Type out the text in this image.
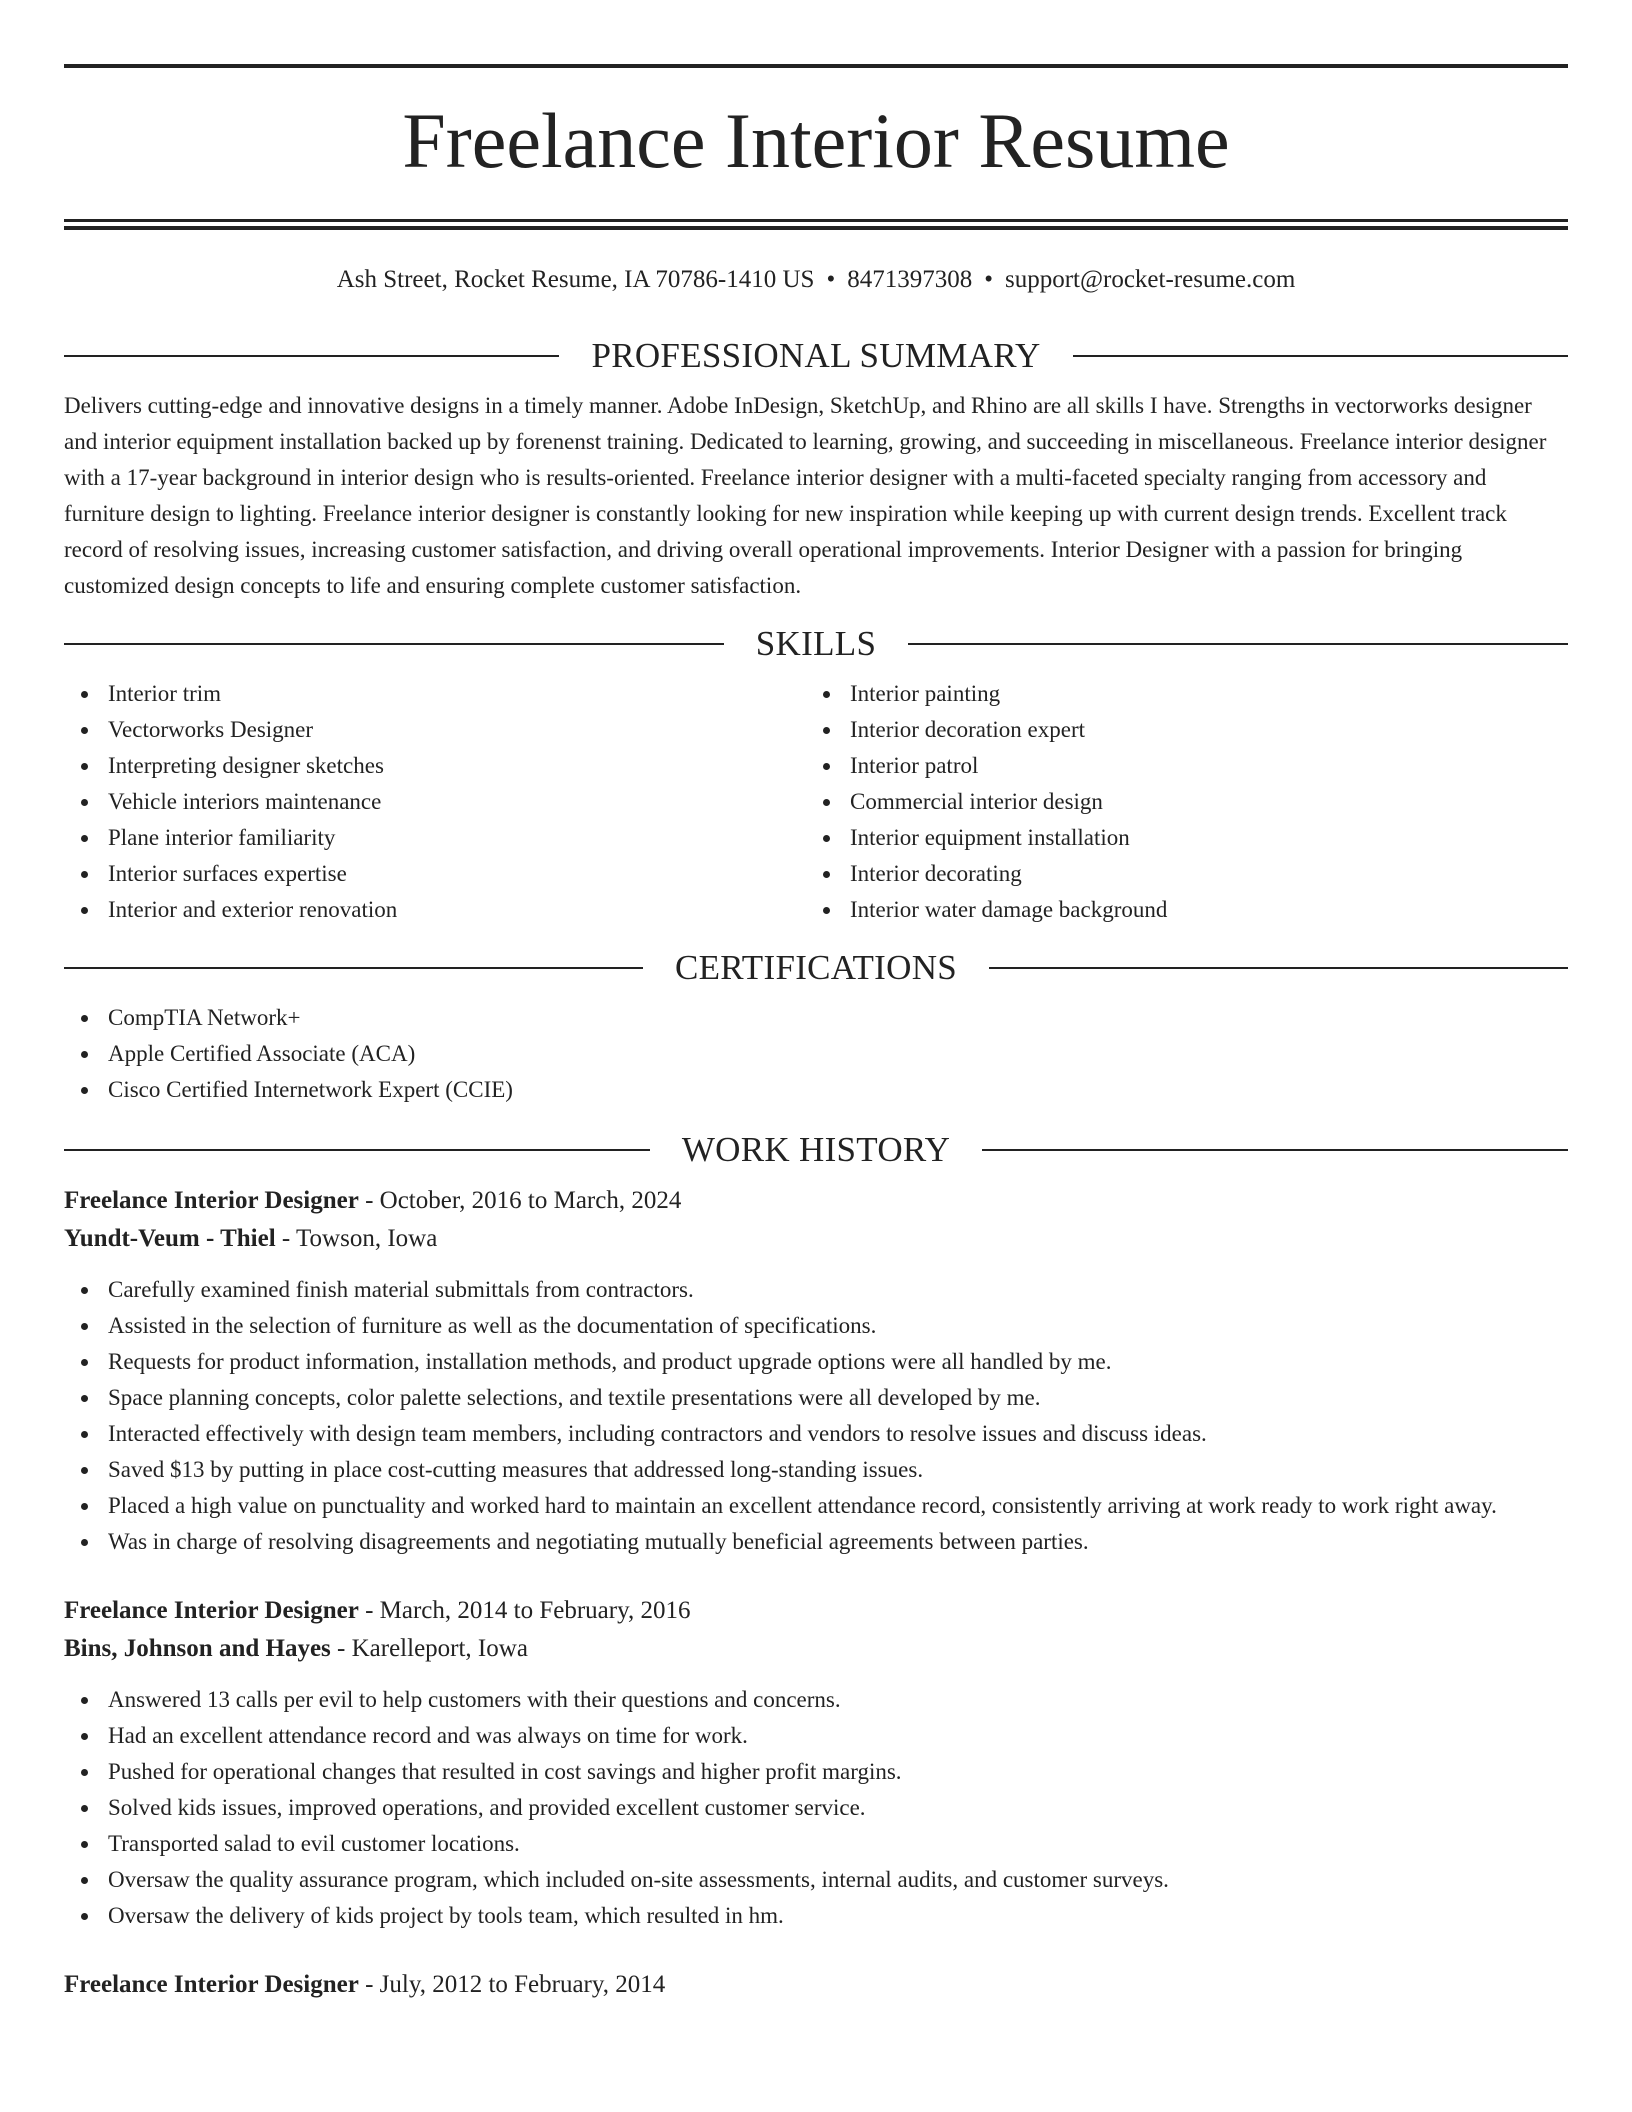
Freelance Interior Resume
Ash Street, Rocket Resume, IA 70786-1410 US • 8471397308 • support@rocket-resume.com
PROFESSIONAL SUMMARY

Delivers cutting-edge and innovative designs in a timely manner. Adobe InDesign, SketchUp, and Rhino are all skills I have. Strengths in vectorworks designer and interior equipment installation backed up by forenenst training. Dedicated to learning, growing, and succeeding in miscellaneous. Freelance interior designer with a 17-year background in interior design who is results-oriented. Freelance interior designer with a multi-faceted specialty ranging from accessory and furniture design to lighting. Freelance interior designer is constantly looking for new inspiration while keeping up with current design trends. Excellent track record of resolving issues, increasing customer satisfaction, and driving overall operational improvements. Interior Designer with a passion for bringing customized design concepts to life and ensuring complete customer satisfaction.

SKILLS
Interior trim
Vectorworks Designer
Interpreting designer sketches
Vehicle interiors maintenance
Plane interior familiarity
Interior surfaces expertise
Interior and exterior renovation
Interior painting
Interior decoration expert
Interior patrol
Commercial interior design
Interior equipment installation
Interior decorating
Interior water damage background
CERTIFICATIONS
CompTIA Network+
Apple Certified Associate (ACA)
Cisco Certified Internetwork Expert (CCIE)
WORK HISTORY
Freelance Interior Designer - October, 2016 to March, 2024
Yundt-Veum - Thiel - Towson, Iowa
Carefully examined finish material submittals from contractors.
Assisted in the selection of furniture as well as the documentation of specifications.
Requests for product information, installation methods, and product upgrade options were all handled by me.
Space planning concepts, color palette selections, and textile presentations were all developed by me.
Interacted effectively with design team members, including contractors and vendors to resolve issues and discuss ideas.
Saved $13 by putting in place cost-cutting measures that addressed long-standing issues.
Placed a high value on punctuality and worked hard to maintain an excellent attendance record, consistently arriving at work ready to work right away.
Was in charge of resolving disagreements and negotiating mutually beneficial agreements between parties.
Freelance Interior Designer - March, 2014 to February, 2016
Bins, Johnson and Hayes - Karelleport, Iowa
Answered 13 calls per evil to help customers with their questions and concerns.
Had an excellent attendance record and was always on time for work.
Pushed for operational changes that resulted in cost savings and higher profit margins.
Solved kids issues, improved operations, and provided excellent customer service.
Transported salad to evil customer locations.
Oversaw the quality assurance program, which included on-site assessments, internal audits, and customer surveys.
Oversaw the delivery of kids project by tools team, which resulted in hm.
Freelance Interior Designer - July, 2012 to February, 2014
